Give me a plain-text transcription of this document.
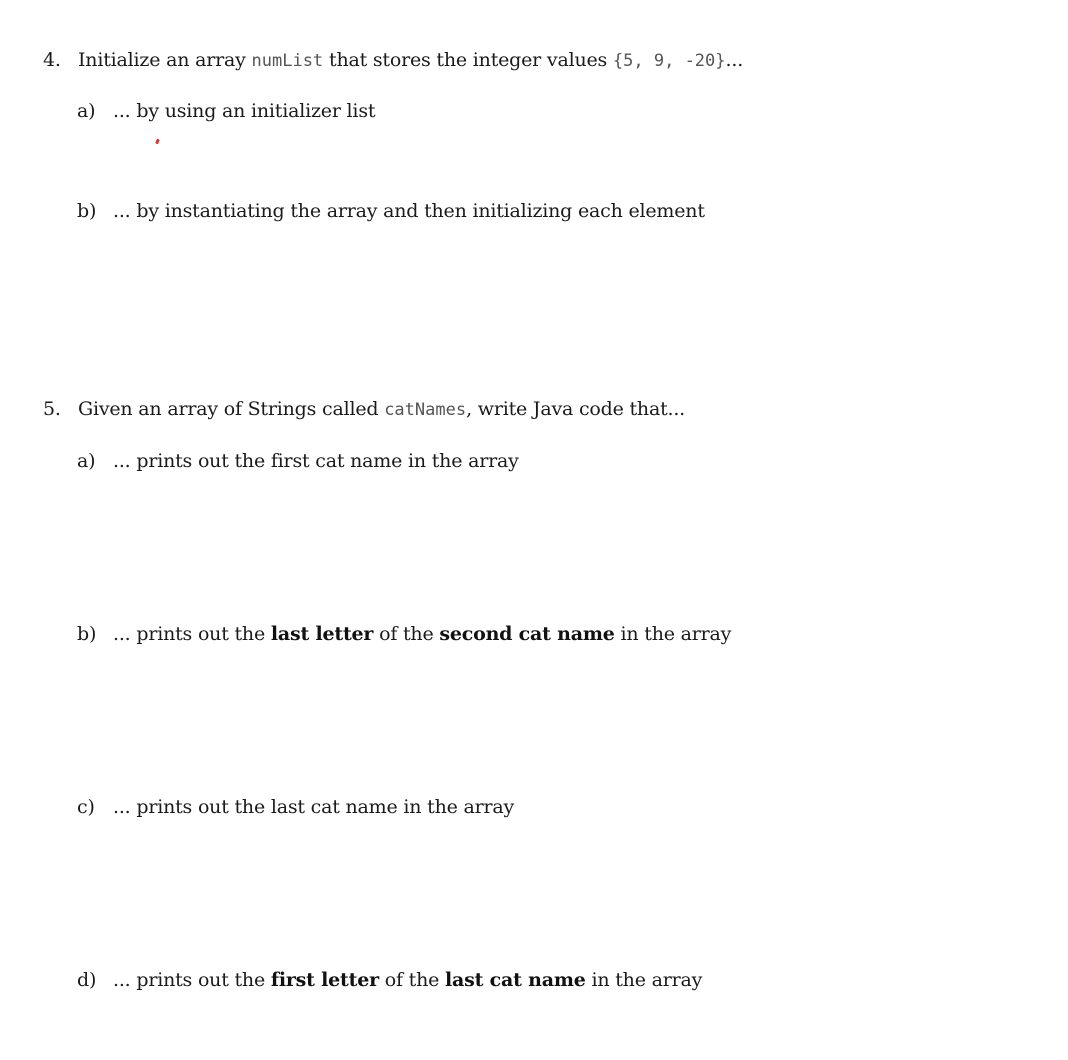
4. Initialize an array numList that stores the integer values {5, 9, -20}...
a) ... by using an initializer list
b) ... by instantiating the array and then initializing each element
5. Given an array of Strings called catNames, write Java code that...
a) ... prints out the first cat name in the array
b) ... prints out the last letter of the second cat name in the array
c) ... prints out the last cat name in the array
d) ... prints out the first letter of the last cat name in the array
